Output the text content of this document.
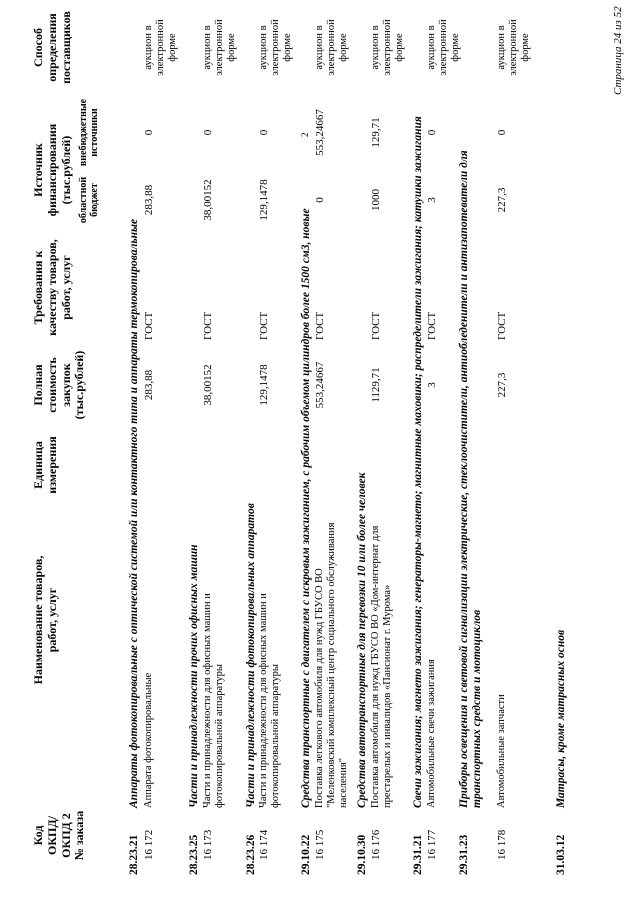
Код ОКПД/ ОКПД 2 № заказа
Наименование товаров, работ, услуг
Единица измерения
Полная стоимость закупок (тыс.рублей)
Требования к качеству товаров, работ, услуг
Источник финансирования (тыс.рублей) областной бюджет
внебюджетные источники
Способ определения поставщиков
28.23.21
Аппараты фотокопировальные с оптической системой или контактного типа и аппараты термокопировальные
16 172
Аппарата фотокопировальные
283,88
ГОСТ
283,88
0
аукцион в электронной форме
28.23.25
Части и принадлежности прочих офисных машин
16 173
Части и принадлежности для офисных машин и фотокопировальной аппаратуры
38,00152
ГОСТ
38,00152
0
аукцион в электронной форме
28.23.26
Части и принадлежности фотокопировальных аппаратов
16 174
Части и принадлежности для офисных машин и фотокопировальной аппаратуры
129,1478
ГОСТ
129,1478
0
аукцион в электронной форме
29.10.22
Средства транспортные с двигателем с искровым зажиганием, с рабочим объемом цилиндров более 1500 см3, новые
16 175
Поставка легкового автомобиля для нужд ГБУСО ВО "Меленковский комплексный центр социального обслуживания населения"
553,24667
ГОСТ
0
553,24667
аукцион в электронной форме
29.10.30
Средства автотранспортные для перевозки 10 или более человек
16 176
Поставка автомобиля для нужд ГБУСО ВО «Дом-интернат для престарелых и инвалидов «Пансионат г. Мурома»
1129,71
ГОСТ
1000
129,71
аукцион в электронной форме
29.31.21
Свечи зажигания; магнето зажигания; генераторы-магнето; магнитные маховики; распределители зажигания; катушки зажигания
16 177
Автомобильные свечи зажигания
3
ГОСТ
3
0
аукцион в электронной форме
29.31.23
Приборы освещения и световой сигнализации электрические, стеклоочистители, антиобледенители и антизапотеватели для транспортных средств и мотоциклов
16 178
Автомобильные запчасти
227,3
ГОСТ
227,3
0
аукцион в электронной форме
31.03.12
Матрасы, кроме матрасных основ
2
Страница 24 из 52
